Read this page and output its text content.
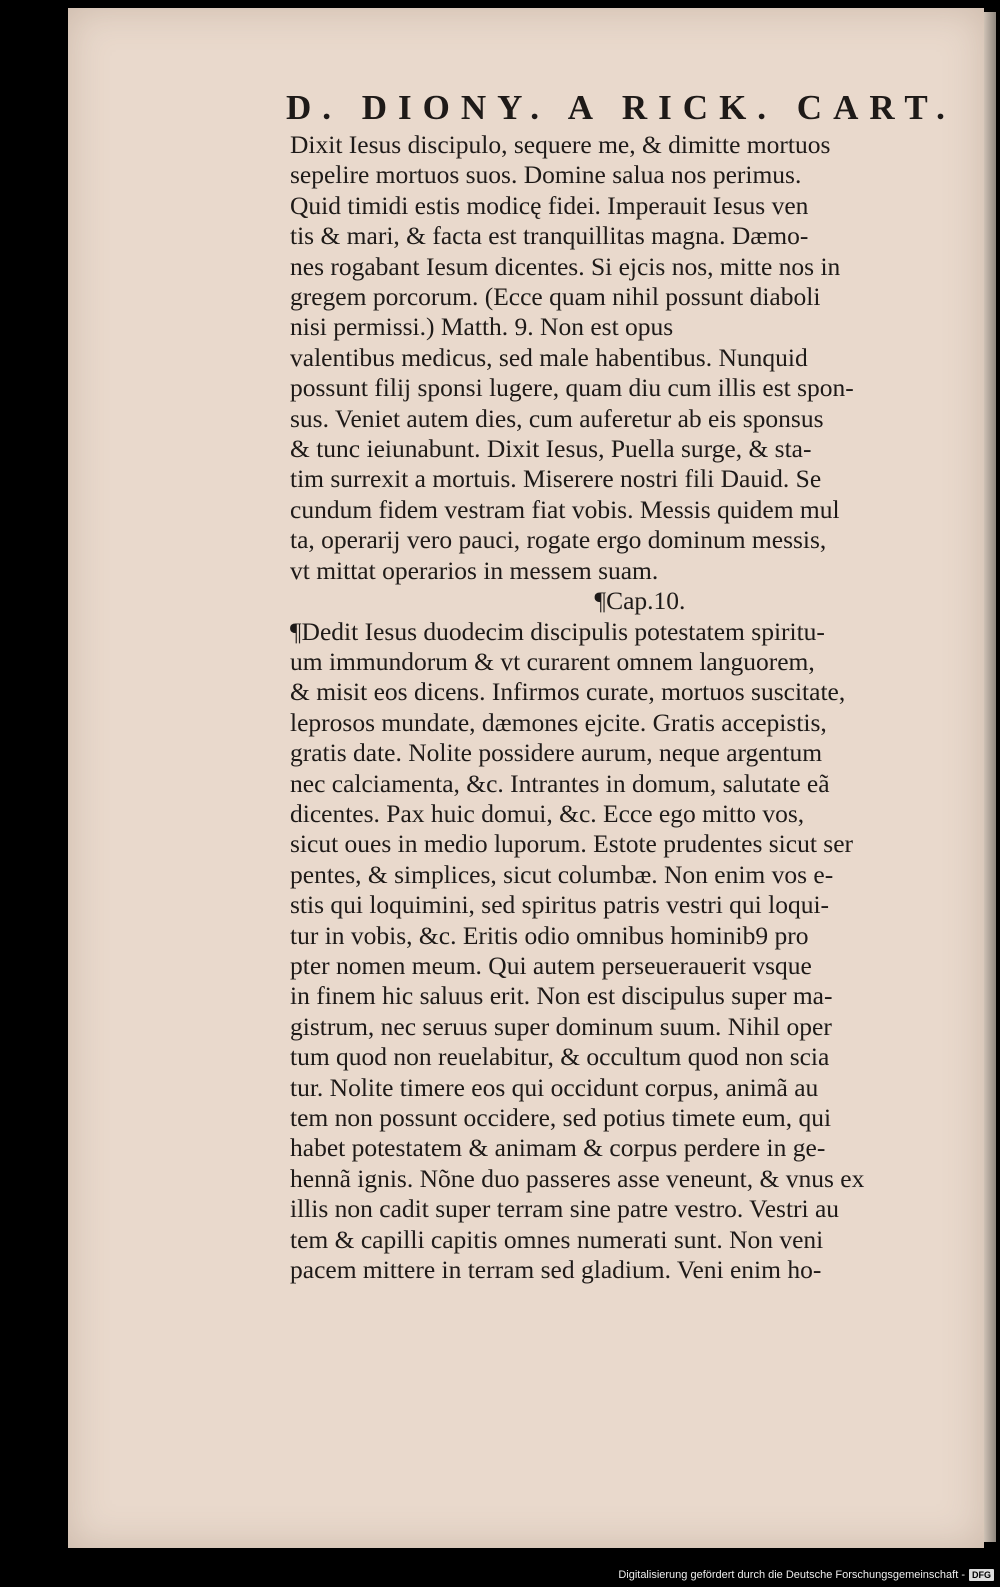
D. DIONY. A RICK. CART.
Dixit Iesus discipulo, sequere me, & dimitte mortuos
sepelire mortuos suos. Domine salua nos perimus.
Quid timidi estis modicę fidei. Imperauit Iesus ven
tis & mari, & facta est tranquillitas magna. Dæmo-
nes rogabant Iesum dicentes. Si ejcis nos, mitte nos in
gregem porcorum. (Ecce quam nihil possunt diaboli
nisi permissi.) Matth. 9. Non est opus
valentibus medicus, sed male habentibus. Nunquid
possunt filij sponsi lugere, quam diu cum illis est spon-
sus. Veniet autem dies, cum auferetur ab eis sponsus
& tunc ieiunabunt. Dixit Iesus, Puella surge, & sta-
tim surrexit a mortuis. Miserere nostri fili Dauid. Se
cundum fidem vestram fiat vobis. Messis quidem mul
ta, operarij vero pauci, rogate ergo dominum messis,
vt mittat operarios in messem suam.
¶Cap.10.
¶Dedit Iesus duodecim discipulis potestatem spiritu-
um immundorum & vt curarent omnem languorem,
& misit eos dicens. Infirmos curate, mortuos suscitate,
leprosos mundate, dæmones ejcite. Gratis accepistis,
gratis date. Nolite possidere aurum, neque argentum
nec calciamenta, &c. Intrantes in domum, salutate eã
dicentes. Pax huic domui, &c. Ecce ego mitto vos,
sicut oues in medio luporum. Estote prudentes sicut ser
pentes, & simplices, sicut columbæ. Non enim vos e-
stis qui loquimini, sed spiritus patris vestri qui loqui-
tur in vobis, &c. Eritis odio omnibus hominib9 pro
pter nomen meum. Qui autem perseuerauerit vsque
in finem hic saluus erit. Non est discipulus super ma-
gistrum, nec seruus super dominum suum. Nihil oper
tum quod non reuelabitur, & occultum quod non scia
tur. Nolite timere eos qui occidunt corpus, animã au
tem non possunt occidere, sed potius timete eum, qui
habet potestatem & animam & corpus perdere in ge-
hennã ignis. Nõne duo passeres asse veneunt, & vnus ex
illis non cadit super terram sine patre vestro. Vestri au
tem & capilli capitis omnes numerati sunt. Non veni
pacem mittere in terram sed gladium. Veni enim ho-
Digitalisierung gefördert durch die Deutsche Forschungsgemeinschaft - DFG
